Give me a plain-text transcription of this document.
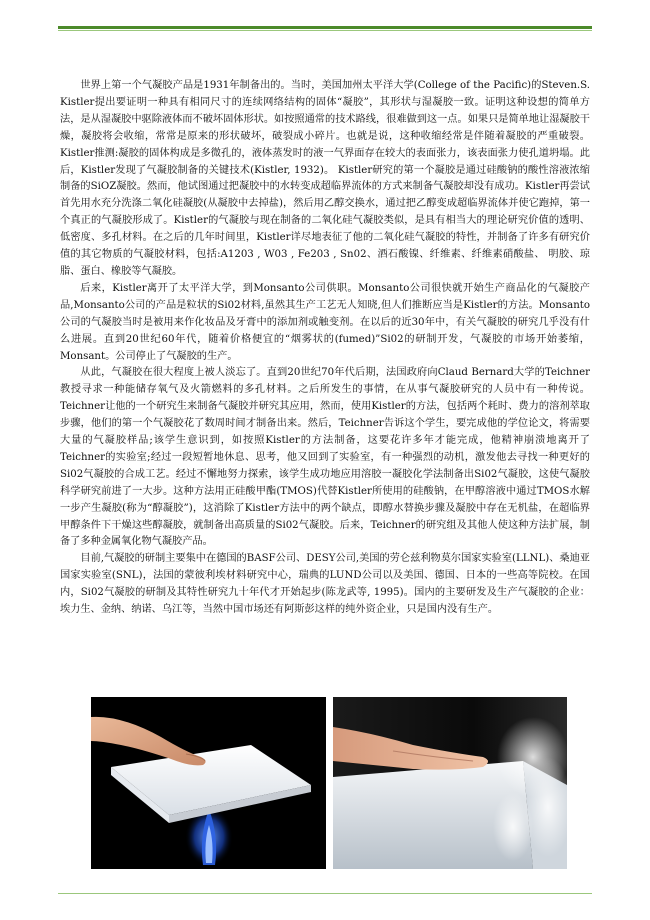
世界上第一个气凝胶产品是1931年制备出的。当时，美国加州太平洋大学(College of the Pacific)的Steven.S. Kistler提出要证明一种具有相同尺寸的连续网络结构的固体“凝胶”，其形状与湿凝胶一致。证明这种设想的简单方法，是从湿凝胶中驱除液体而不破坏固体形状。如按照通常的技术路线，很难做到这一点。如果只是简单地让湿凝胶干燥，凝胶将会收缩，常常是原来的形状破坏，破裂成小碎片。也就是说，这种收缩经常是伴随着凝胶的严重破裂。Kistler推测:凝胶的固体构成是多微孔的，液体蒸发时的液一气界面存在较大的表面张力，该表面张力使孔道坍塌。此后，Kistler发现了气凝胶制备的关键技术(Kistler, 1932)。 Kistler研究的第一个凝胶是通过硅酸钠的酸性溶液浓缩制备的SiOZ凝胶。然而，他试图通过把凝胶中的水转变成超临界流体的方式来制备气凝胶却没有成功。Kistler再尝试首先用水充分洗涤二氧化硅凝胶(从凝胶中去掉盐)，然后用乙醇交换水，通过把乙醇变成超临界流体并使它跑掉，第一个真正的气凝胶形成了。Kistler的气凝胶与现在制备的二氧化硅气凝胶类似，是具有相当大的理论研究价值的透明、低密度、多孔材料。在之后的几年时间里，Kistler详尽地表征了他的二氧化硅气凝胶的特性，并制备了许多有研究价值的其它物质的气凝胶材料，包括:A1203 , W03 , Fe203 , Sn02、酒石酸镍、纤维素、纤维素硝酸盐、 明胶、琼脂、蛋白、橡胶等气凝胶。

后来，Kistler离开了太平洋大学，到Monsanto公司供职。Monsanto公司很快就开始生产商品化的气凝胶产品,Monsanto公司的产品是粒状的Si02材料,虽然其生产工艺无人知晓,但人们推断应当是Kistler的方法。Monsanto公司的气凝胶当时是被用来作化妆品及牙膏中的添加剂或触变剂。在以后的近30年中，有关气凝胶的研究几乎没有什么进展。直到20世纪60年代，随着价格便宜的“烟雾状的(fumed)”Si02的研制开发，气凝胶的市场开始萎缩，Monsant。公司停止了气凝胶的生产。

从此，气凝胶在很大程度上被人淡忘了。直到20世纪70年代后期，法国政府向Claud Bernard大学的Teichner教授寻求一种能储存氧气及火箭燃料的多孔材料。之后所发生的事情，在从事气凝胶研究的人员中有一种传说。Teichner让他的一个研究生来制备气凝胶并研究其应用，然而，使用Kistler的方法，包括两个耗时、费力的溶剂萃取步骤，他们的第一个气凝胶花了数周时间才制备出来。然后，Teichner告诉这个学生，要完成他的学位论文，将需要大量的气凝胶样品;该学生意识到，如按照Kistler的方法制备，这要花许多年才能完成，他精神崩溃地离开了Teichner的实验室;经过一段短暂地休息、思考，他又回到了实验室，有一种强烈的动机，激发他去寻找一种更好的Si02气凝胶的合成工艺。经过不懈地努力探索，该学生成功地应用溶胶一凝胶化学法制备出Si02气凝胶，这使气凝胶科学研究前进了一大步。这种方法用正硅酸甲酯(TMOS)代替Kistler所使用的硅酸钠，在甲醇溶液中通过TMOS水解一步产生凝胶(称为“醇凝胶”)，这消除了Kistler方法中的两个缺点，即醇水替换步骤及凝胶中存在无机盐，在超临界甲醇条件下干燥这些醇凝胶，就制备出高质量的Si02气凝胶。后来，Teichner的研究组及其他人使这种方法扩展，制备了多种金属氧化物气凝胶产品。

目前,气凝胶的研制主要集中在德国的BASF公司、DESY公司,美国的劳仑兹利物莫尔国家实验室(LLNL)、桑迪亚国家实验室(SNL)，法国的蒙彼利埃材料研究中心，瑞典的LUND公司以及美国、德国、日本的一些高等院校。在国内，Si02气凝胶的研制及其特性研究九十年代才开始起步(陈龙武等, 1995)。国内的主要研发及生产气凝胶的企业：埃力生、金纳、纳诺、乌江等，当然中国市场还有阿斯彭这样的纯外资企业，只是国内没有生产。
